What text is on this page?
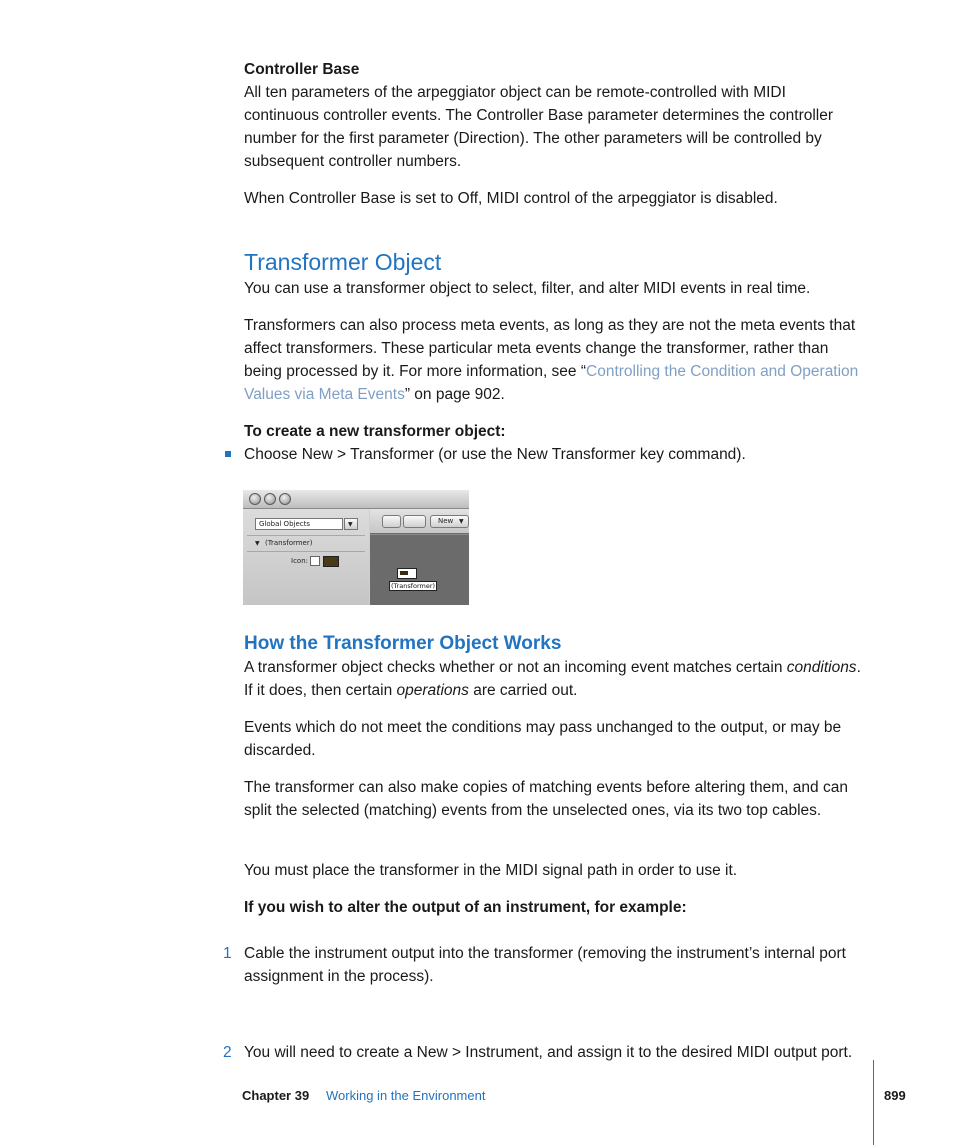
Controller Base

All ten parameters of the arpeggiator object can be remote-controlled with MIDI continuous controller events. The Controller Base parameter determines the controller number for the first parameter (Direction). The other parameters will be controlled by subsequent controller numbers.

When Controller Base is set to Off, MIDI control of the arpeggiator is disabled.

Transformer Object

You can use a transformer object to select, filter, and alter MIDI events in real time.

Transformers can also process meta events, as long as they are not the meta events that affect transformers. These particular meta events change the transformer, rather than being processed by it. For more information, see “Controlling the Condition and Operation Values via Meta Events” on page 902.

To create a new transformer object:
Choose New > Transformer (or use the New Transformer key command).
Global Objects	▼
▼ (Transformer)
Icon:
New ▼
(Transformer)
How the Transformer Object Works

A transformer object checks whether or not an incoming event matches certain conditions. If it does, then certain operations are carried out.

Events which do not meet the conditions may pass unchanged to the output, or may be discarded.

The transformer can also make copies of matching events before altering them, and can split the selected (matching) events from the unselected ones, via its two top cables.

You must place the transformer in the MIDI signal path in order to use it.

If you wish to alter the output of an instrument, for example:
1 Cable the instrument output into the transformer (removing the instrument’s internal port assignment in the process).
2 You will need to create a New > Instrument, and assign it to the desired MIDI output port.
Chapter 39 Working in the Environment	899
